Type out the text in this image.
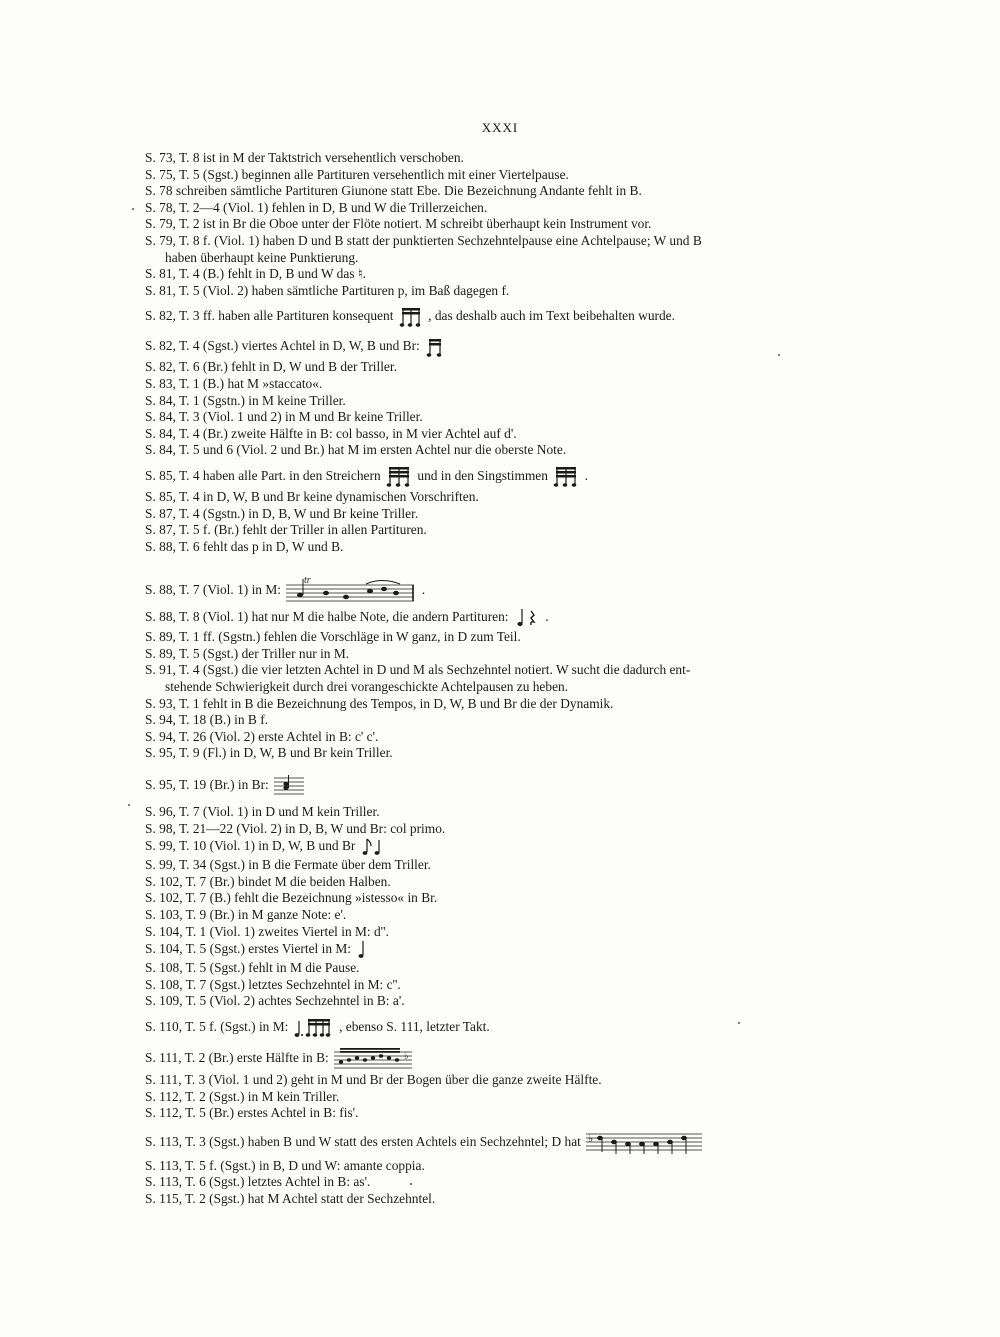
XXXI
S. 73, T. 8 ist in M der Taktstrich versehentlich verschoben.
S. 75, T. 5 (Sgst.) beginnen alle Partituren versehentlich mit einer Viertelpause.
S. 78 schreiben sämtliche Partituren Giunone statt Ebe. Die Bezeichnung Andante fehlt in B.
S. 78, T. 2—4 (Viol. 1) fehlen in D, B und W die Trillerzeichen.
S. 79, T. 2 ist in Br die Oboe unter der Flöte notiert. M schreibt überhaupt kein Instrument vor.
S. 79, T. 8 f. (Viol. 1) haben D und B statt der punktierten Sechzehntelpause eine Achtelpause; W und B
haben überhaupt keine Punktierung.
S. 81, T. 4 (B.) fehlt in D, B und W das ♮.
S. 81, T. 5 (Viol. 2) haben sämtliche Partituren p, im Baß dagegen f.
S. 82, T. 3 ff. haben alle Partituren konsequent	, das deshalb auch im Text beibehalten wurde.
S. 82, T. 4 (Sgst.) viertes Achtel in D, W, B und Br:
S. 82, T. 6 (Br.) fehlt in D, W und B der Triller.
S. 83, T. 1 (B.) hat M »staccato«.
S. 84, T. 1 (Sgstn.) in M keine Triller.
S. 84, T. 3 (Viol. 1 und 2) in M und Br keine Triller.
S. 84, T. 4 (Br.) zweite Hälfte in B: col basso, in M vier Achtel auf d'.
S. 84, T. 5 und 6 (Viol. 2 und Br.) hat M im ersten Achtel nur die oberste Note.
S. 85, T. 4 haben alle Part. in den Streichern	und in den Singstimmen	.
S. 85, T. 4 in D, W, B und Br keine dynamischen Vorschriften.
S. 87, T. 4 (Sgstn.) in D, B, W und Br keine Triller.
S. 87, T. 5 f. (Br.) fehlt der Triller in allen Partituren.
S. 88, T. 6 fehlt das p in D, W und B.
S. 88, T. 7 (Viol. 1) in M:
tr
.
S. 88, T. 8 (Viol. 1) hat nur M die halbe Note, die andern Partituren:	.
S. 89, T. 1 ff. (Sgstn.) fehlen die Vorschläge in W ganz, in D zum Teil.
S. 89, T. 5 (Sgst.) der Triller nur in M.
S. 91, T. 4 (Sgst.) die vier letzten Achtel in D und M als Sechzehntel notiert. W sucht die dadurch ent-
stehende Schwierigkeit durch drei vorangeschickte Achtelpausen zu heben.
S. 93, T. 1 fehlt in B die Bezeichnung des Tempos, in D, W, B und Br die der Dynamik.
S. 94, T. 18 (B.) in B f.
S. 94, T. 26 (Viol. 2) erste Achtel in B: c' c'.
S. 95, T. 9 (Fl.) in D, W, B und Br kein Triller.
S. 95, T. 19 (Br.) in Br:
S. 96, T. 7 (Viol. 1) in D und M kein Triller.
S. 98, T. 21—22 (Viol. 2) in D, B, W und Br: col primo.
S. 99, T. 10 (Viol. 1) in D, W, B und Br
S. 99, T. 34 (Sgst.) in B die Fermate über dem Triller.
S. 102, T. 7 (Br.) bindet M die beiden Halben.
S. 102, T. 7 (B.) fehlt die Bezeichnung »istesso« in Br.
S. 103, T. 9 (Br.) in M ganze Note: e'.
S. 104, T. 1 (Viol. 1) zweites Viertel in M: d''.
S. 104, T. 5 (Sgst.) erstes Viertel in M:
S. 108, T. 5 (Sgst.) fehlt in M die Pause.
S. 108, T. 7 (Sgst.) letztes Sechzehntel in M: c''.
S. 109, T. 5 (Viol. 2) achtes Sechzehntel in B: a'.
S. 110, T. 5 f. (Sgst.) in M:	, ebenso S. 111, letzter Takt.
S. 111, T. 2 (Br.) erste Hälfte in B:	♭
S. 111, T. 3 (Viol. 1 und 2) geht in M und Br der Bogen über die ganze zweite Hälfte.
S. 112, T. 2 (Sgst.) in M kein Triller.
S. 112, T. 5 (Br.) erstes Achtel in B: fis'.
S. 113, T. 3 (Sgst.) haben B und W statt des ersten Achtels ein Sechzehntel; D hat ♭
S. 113, T. 5 f. (Sgst.) in B, D und W: amante coppia.
S. 113, T. 6 (Sgst.) letztes Achtel in B: as'.
S. 115, T. 2 (Sgst.) hat M Achtel statt der Sechzehntel.
